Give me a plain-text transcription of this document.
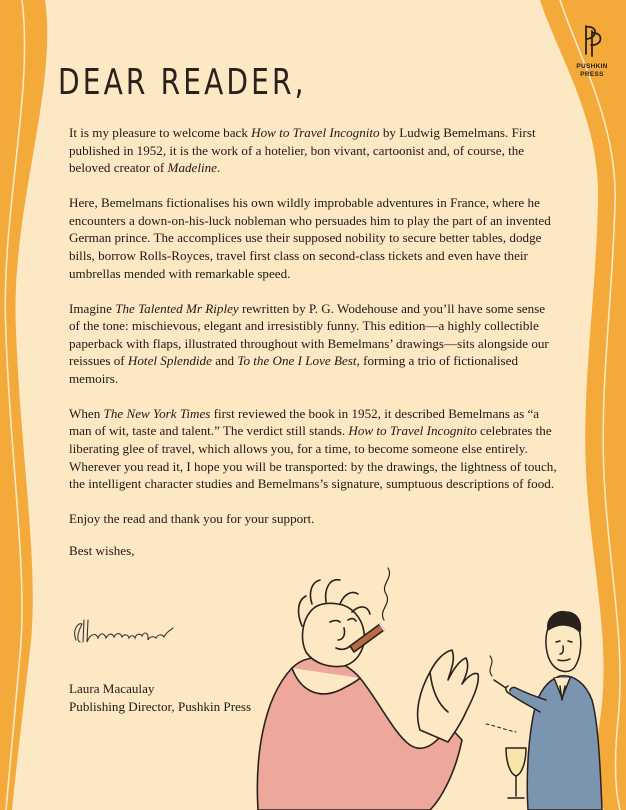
PUSHKIN
PRESS
DEAR READER,

It is my pleasure to welcome back How to Travel Incognito by Ludwig Bemelmans. First published in 1952, it is the work of a hotelier, bon vivant, cartoonist and, of course, the beloved creator of Madeline.

Here, Bemelmans fictionalises his own wildly improbable adventures in France, where he encounters a down-on-his-luck nobleman who persuades him to play the part of an invented German prince. The accomplices use their supposed nobility to secure better tables, dodge bills, borrow Rolls-Royces, travel first class on second-class tickets and even have their umbrellas mended with remarkable speed.

Imagine The Talented Mr Ripley rewritten by P. G. Wodehouse and you’ll have some sense of the tone: mischievous, elegant and irresistibly funny. This edition—a highly collectible paperback with flaps, illustrated throughout with Bemelmans’ drawings—sits alongside our reissues of Hotel Splendide and To the One I Love Best, forming a trio of fictionalised memoirs.

When The New York Times first reviewed the book in 1952, it described Bemelmans as “a man of wit, taste and talent.” The verdict still stands. How to Travel Incognito celebrates the liberating glee of travel, which allows you, for a time, to become someone else entirely. Wherever you read it, I hope you will be transported: by the drawings, the lightness of touch, the intelligent character studies and Bemelmans’s signature, sumptuous descriptions of food.

Enjoy the read and thank you for your support.

Best wishes,

Laura Macaulay
Publishing Director, Pushkin Press
